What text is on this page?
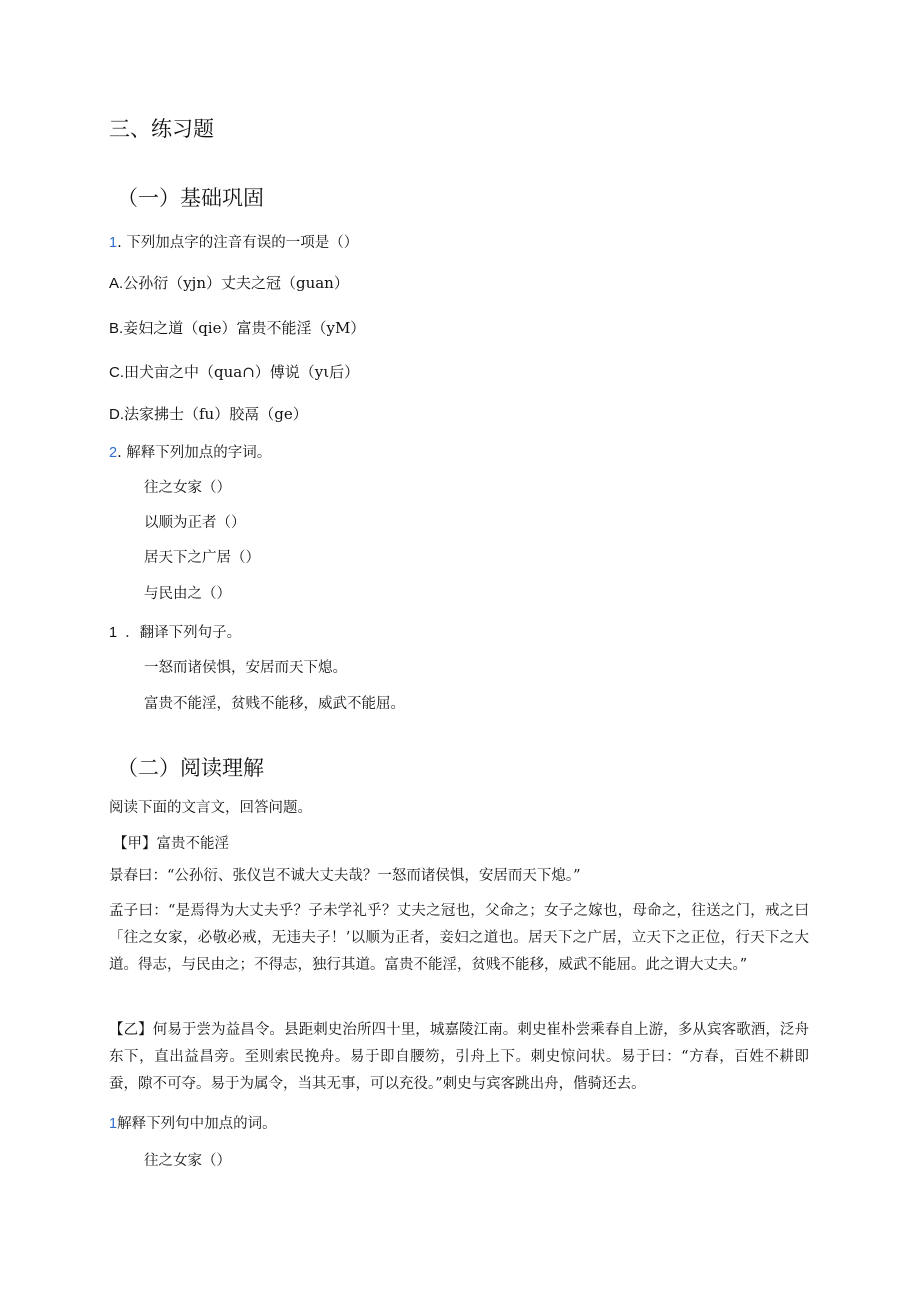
三、练习题
（一）基础巩固
1. 下列加点字的注音有误的一项是（）
A.公孙衍（yjn）丈夫之冠（guan）
B.妾妇之道（qie）富贵不能淫（yM）
C.田犬亩之中（qua∩）傅说（yι后）
D.法家拂士（fu）胶鬲（ge）
2. 解释下列加点的字词。
往之女家（）
以顺为正者（）
居天下之广居（）
与民由之（）
1 ．翻译下列句子。
一怒而诸侯惧，安居而天下熄。
富贵不能淫，贫贱不能移，威武不能屈。
（二）阅读理解
阅读下面的文言文，回答问题。
【甲】富贵不能淫
景春曰：“公孙衍、张仪岂不诚大丈夫哉？一怒而诸侯惧，安居而天下熄。”
孟子曰：“是焉得为大丈夫乎？子未学礼乎？丈夫之冠也，父命之；女子之嫁也，母命之，往送之门，戒之曰「往之女家，必敬必戒，无违夫子！’以顺为正者，妾妇之道也。居天下之广居，立天下之正位，行天下之大道。得志，与民由之；不得志，独行其道。富贵不能淫，贫贱不能移，威武不能屈。此之谓大丈夫。”
【乙】何易于尝为益昌令。县距刺史治所四十里，城嘉陵江南。刺史崔朴尝乘春自上游，多从宾客歌酒，泛舟东下，直出益昌旁。至则索民挽舟。易于即自腰笏，引舟上下。刺史惊问状。易于曰：“方春，百姓不耕即蚕，隙不可夺。易于为属令，当其无事，可以充役。”刺史与宾客跳出舟，偕骑还去。
1解释下列句中加点的词。
往之女家（）
